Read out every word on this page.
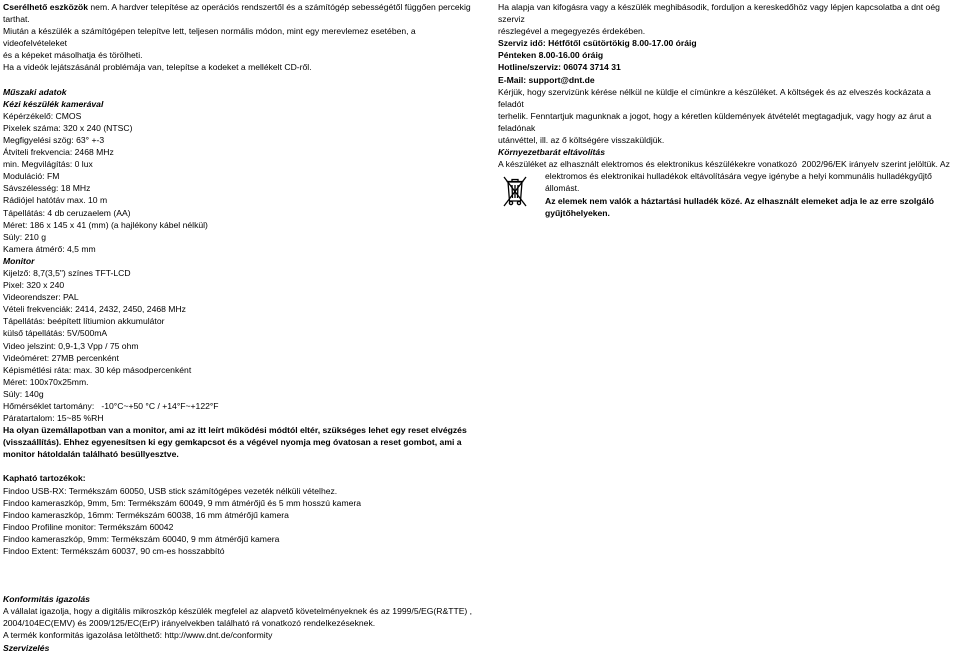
Cserélhető eszközök nem. A hardver telepítése az operációs rendszertől és a számítógép sebességétől függően percekig

tarthat.

Miután a készülék a számítógépen telepítve lett, teljesen normális módon, mint egy merevlemez esetében, a videofelvételeket

és a képeket másolhatja és törölheti.

Ha a videók lejátszásánál problémája van, telepítse a kodeket a mellékelt CD-ről.

Műszaki adatok

Kézi készülék kamerával

Képérzékelő: CMOS

Pixelek száma: 320 x 240 (NTSC)

Megfigyelési szög: 63° +-3

Átviteli frekvencia: 2468 MHz

min. Megvilágítás: 0 lux

Moduláció: FM

Sávszélesség: 18 MHz

Rádiójel hatótáv max. 10 m

Tápellátás: 4 db ceruzaelem (AA)

Méret: 186 x 145 x 41 (mm) (a hajlékony kábel nélkül)

Súly: 210 g

Kamera átmérő: 4,5 mm

Monitor

Kijelző: 8,7(3,5") színes TFT-LCD

Pixel: 320 x 240

Videorendszer: PAL

Vételi frekvenciák: 2414, 2432, 2450, 2468 MHz

Tápellátás: beépített lítiumion akkumulátor

külső tápellátás: 5V/500mA

Video jelszint: 0,9-1,3 Vpp / 75 ohm

Videóméret: 27MB percenként

Képismétlési ráta: max. 30 kép másodpercenként

Méret: 100x70x25mm.

Súly: 140g

Hőmérséklet tartomány:   -10°C~+50 °C / +14°F~+122°F

Páratartalom: 15~85 %RH

Ha olyan üzemállapotban van a monitor, ami az itt leírt működési módtól eltér, szükséges lehet egy reset elvégzés

(visszaállítás). Ehhez egyenesítsen ki egy gemkapcsot és a végével nyomja meg óvatosan a reset gombot, ami a

monitor hátoldalán található besüllyesztve.

Kapható tartozékok:

Findoo USB-RX: Termékszám 60050, USB stick számítógépes vezeték nélküli vételhez.

Findoo kameraszkóp, 9mm, 5m: Termékszám 60049, 9 mm átmérőjű és 5 mm hosszú kamera

Findoo kameraszkóp, 16mm: Termékszám 60038, 16 mm átmérőjű kamera

Findoo Profiline monitor: Termékszám 60042

Findoo kameraszkóp, 9mm: Termékszám 60040, 9 mm átmérőjű kamera

Findoo Extent: Termékszám 60037, 90 cm-es hosszabbító

Konformitás igazolás

A vállalat igazolja, hogy a digitális mikroszkóp készülék megfelel az alapvető követelményeknek és az 1999/5/EG(R&TTE) ,

2004/104EC(EMV) és 2009/125/EC(ErP) irányelvekben található rá vonatkozó rendelkezéseknek.

A termék konformitás igazolása letölthető: http://www.dnt.de/conformity

Szervizelés

Ha alapja van kifogásra vagy a készülék meghibásodik, forduljon a kereskedőhöz vagy lépjen kapcsolatba a dnt oég szerviz

részlegével a megegyezés érdekében.

Szerviz idő: Hétfőtől csütörtökig 8.00-17.00 óráig

Pénteken 8.00-16.00 óráig

Hotline/szerviz: 06074 3714 31

E-Mail: support@dnt.de

Kérjük, hogy szervizünk kérése nélkül ne küldje el címünkre a készüléket. A költségek és az elveszés kockázata a feladót

terhelik. Fenntartjuk magunknak a jogot, hogy a kéretlen küldemények átvételét megtagadjuk, vagy hogy az árut a feladónak

utánvéttel, ill. az ő költségére visszaküldjük.

Környezetbarát eltávolítás

A készüléket az elhasznált elektromos és elektronikus készülékekre vonatkozó  2002/96/EK irányelv szerint jelöltük. Az

elektromos és elektronikai hulladékok eltávolítására vegye igénybe a helyi kommunális hulladékgyűjtő állomást.

Az elemek nem valók a háztartási hulladék közé. Az elhasznált elemeket adja le az erre szolgáló

gyűjtőhelyeken.
